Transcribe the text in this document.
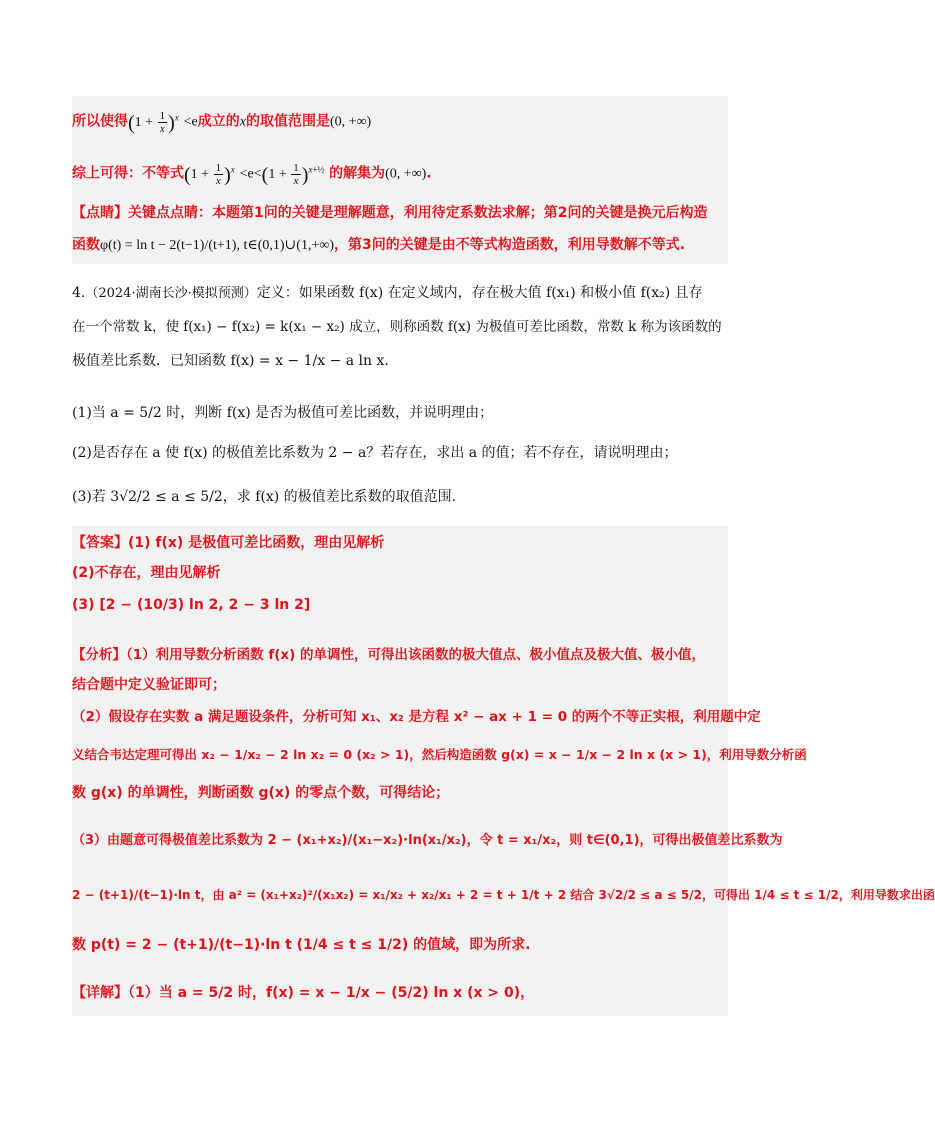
所以使得$(1 + \frac{1}{x} )^x <e$成立的x的取值范围是(0, +∞)
综上可得：不等式$(1 + \frac{1}{x} )^x <e<(1 + \frac{1}{x} )^{x+\frac{1}{2}}$ 的解集为(0, +∞).
【点睛】关键点点睛：本题第1问的关键是理解题意，利用待定系数法求解；第2问的关键是换元后构造
函数φ(t) = ln t − 2(t−1)/(t+1), t∈(0,1)∪(1,+∞)，第3问的关键是由不等式构造函数，利用导数解不等式.
4.（2024·湖南长沙·模拟预测）定义：如果函数 f(x) 在定义域内，存在极大值 f(x₁) 和极小值 f(x₂) 且存
在一个常数 k，使 f(x₁) − f(x₂) = k(x₁ − x₂) 成立，则称函数 f(x) 为极值可差比函数，常数 k 称为该函数的
极值差比系数．已知函数 f(x) = x − 1/x − a ln x.
(1)当 a = 5/2 时，判断 f(x) 是否为极值可差比函数，并说明理由；
(2)是否存在 a 使 f(x) 的极值差比系数为 2 − a？若存在，求出 a 的值；若不存在，请说明理由；
(3)若 3√2/2 ≤ a ≤ 5/2，求 f(x) 的极值差比系数的取值范围.
【答案】(1) f(x) 是极值可差比函数，理由见解析
(2)不存在，理由见解析
(3) [2 − (10/3) ln 2, 2 − 3 ln 2]
【分析】（1）利用导数分析函数 f(x) 的单调性，可得出该函数的极大值点、极小值点及极大值、极小值，
结合题中定义验证即可；
（2）假设存在实数 a 满足题设条件，分析可知 x₁、x₂ 是方程 x² − ax + 1 = 0 的两个不等正实根，利用题中定
义结合韦达定理可得出 x₂ − 1/x₂ − 2 ln x₂ = 0 (x₂ > 1)，然后构造函数 g(x) = x − 1/x − 2 ln x (x > 1)，利用导数分析函
数 g(x) 的单调性，判断函数 g(x) 的零点个数，可得结论；
（3）由题意可得极值差比系数为 2 − (x₁+x₂)/(x₁−x₂)·ln(x₁/x₂)，令 t = x₁/x₂，则 t∈(0,1)，可得出极值差比系数为
2 − (t+1)/(t−1)·ln t，由 a² = (x₁+x₂)²/(x₁x₂) = x₁/x₂ + x₂/x₁ + 2 = t + 1/t + 2 结合 3√2/2 ≤ a ≤ 5/2，可得出 1/4 ≤ t ≤ 1/2，利用导数求出函
数 p(t) = 2 − (t+1)/(t−1)·ln t (1/4 ≤ t ≤ 1/2) 的值域，即为所求.
【详解】（1）当 a = 5/2 时，f(x) = x − 1/x − (5/2) ln x (x > 0)，
